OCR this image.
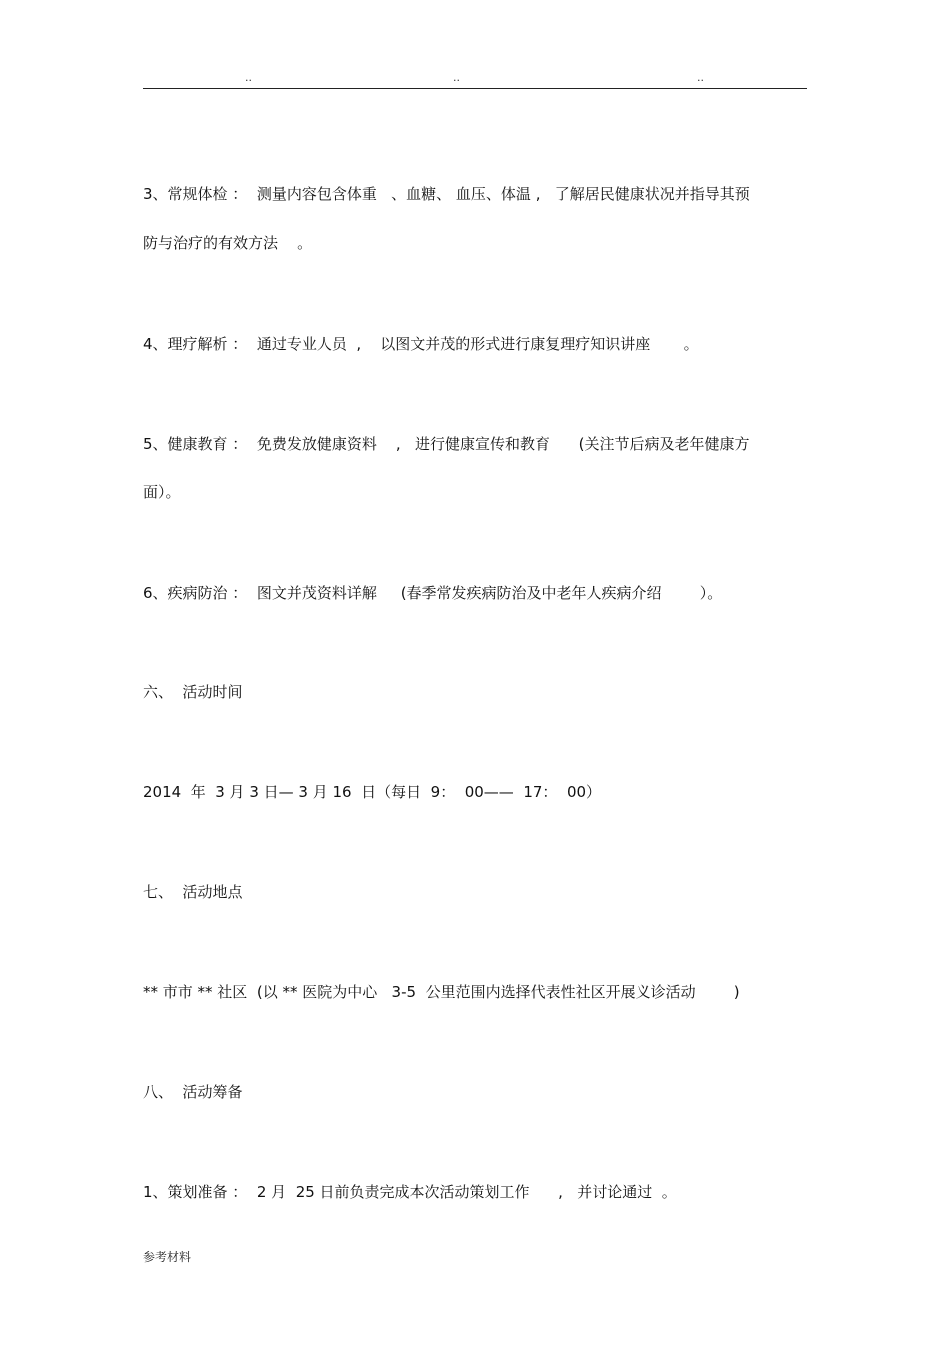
..	..	..
3、常规体检 ：  测量内容包含体重   、血糖、 血压、体温 ,   了解居民健康状况并指导其预
防与治疗的有效方法    。
4、理疗解析 ：  通过专业人员  ,    以图文并茂的形式进行康复理疗知识讲座       。
5、健康教育 ：  免费发放健康资料    ,   进行健康宣传和教育      (关注节后病及老年健康方
面）。
6、疾病防治 ：  图文并茂资料详解     (春季常发疾病防治及中老年人疾病介绍        ）。
六、  活动时间
2014  年  3 月 3 日— 3 月 16  日（每日  9：  00——  17：  00）
七、  活动地点
** 市市 ** 社区  (以 ** 医院为中心   3-5  公里范围内选择代表性社区开展义诊活动        )
八、  活动筹备
1、策划准备 ：  2 月  25 日前负责完成本次活动策划工作      ,   并讨论通过  。
参考材料
